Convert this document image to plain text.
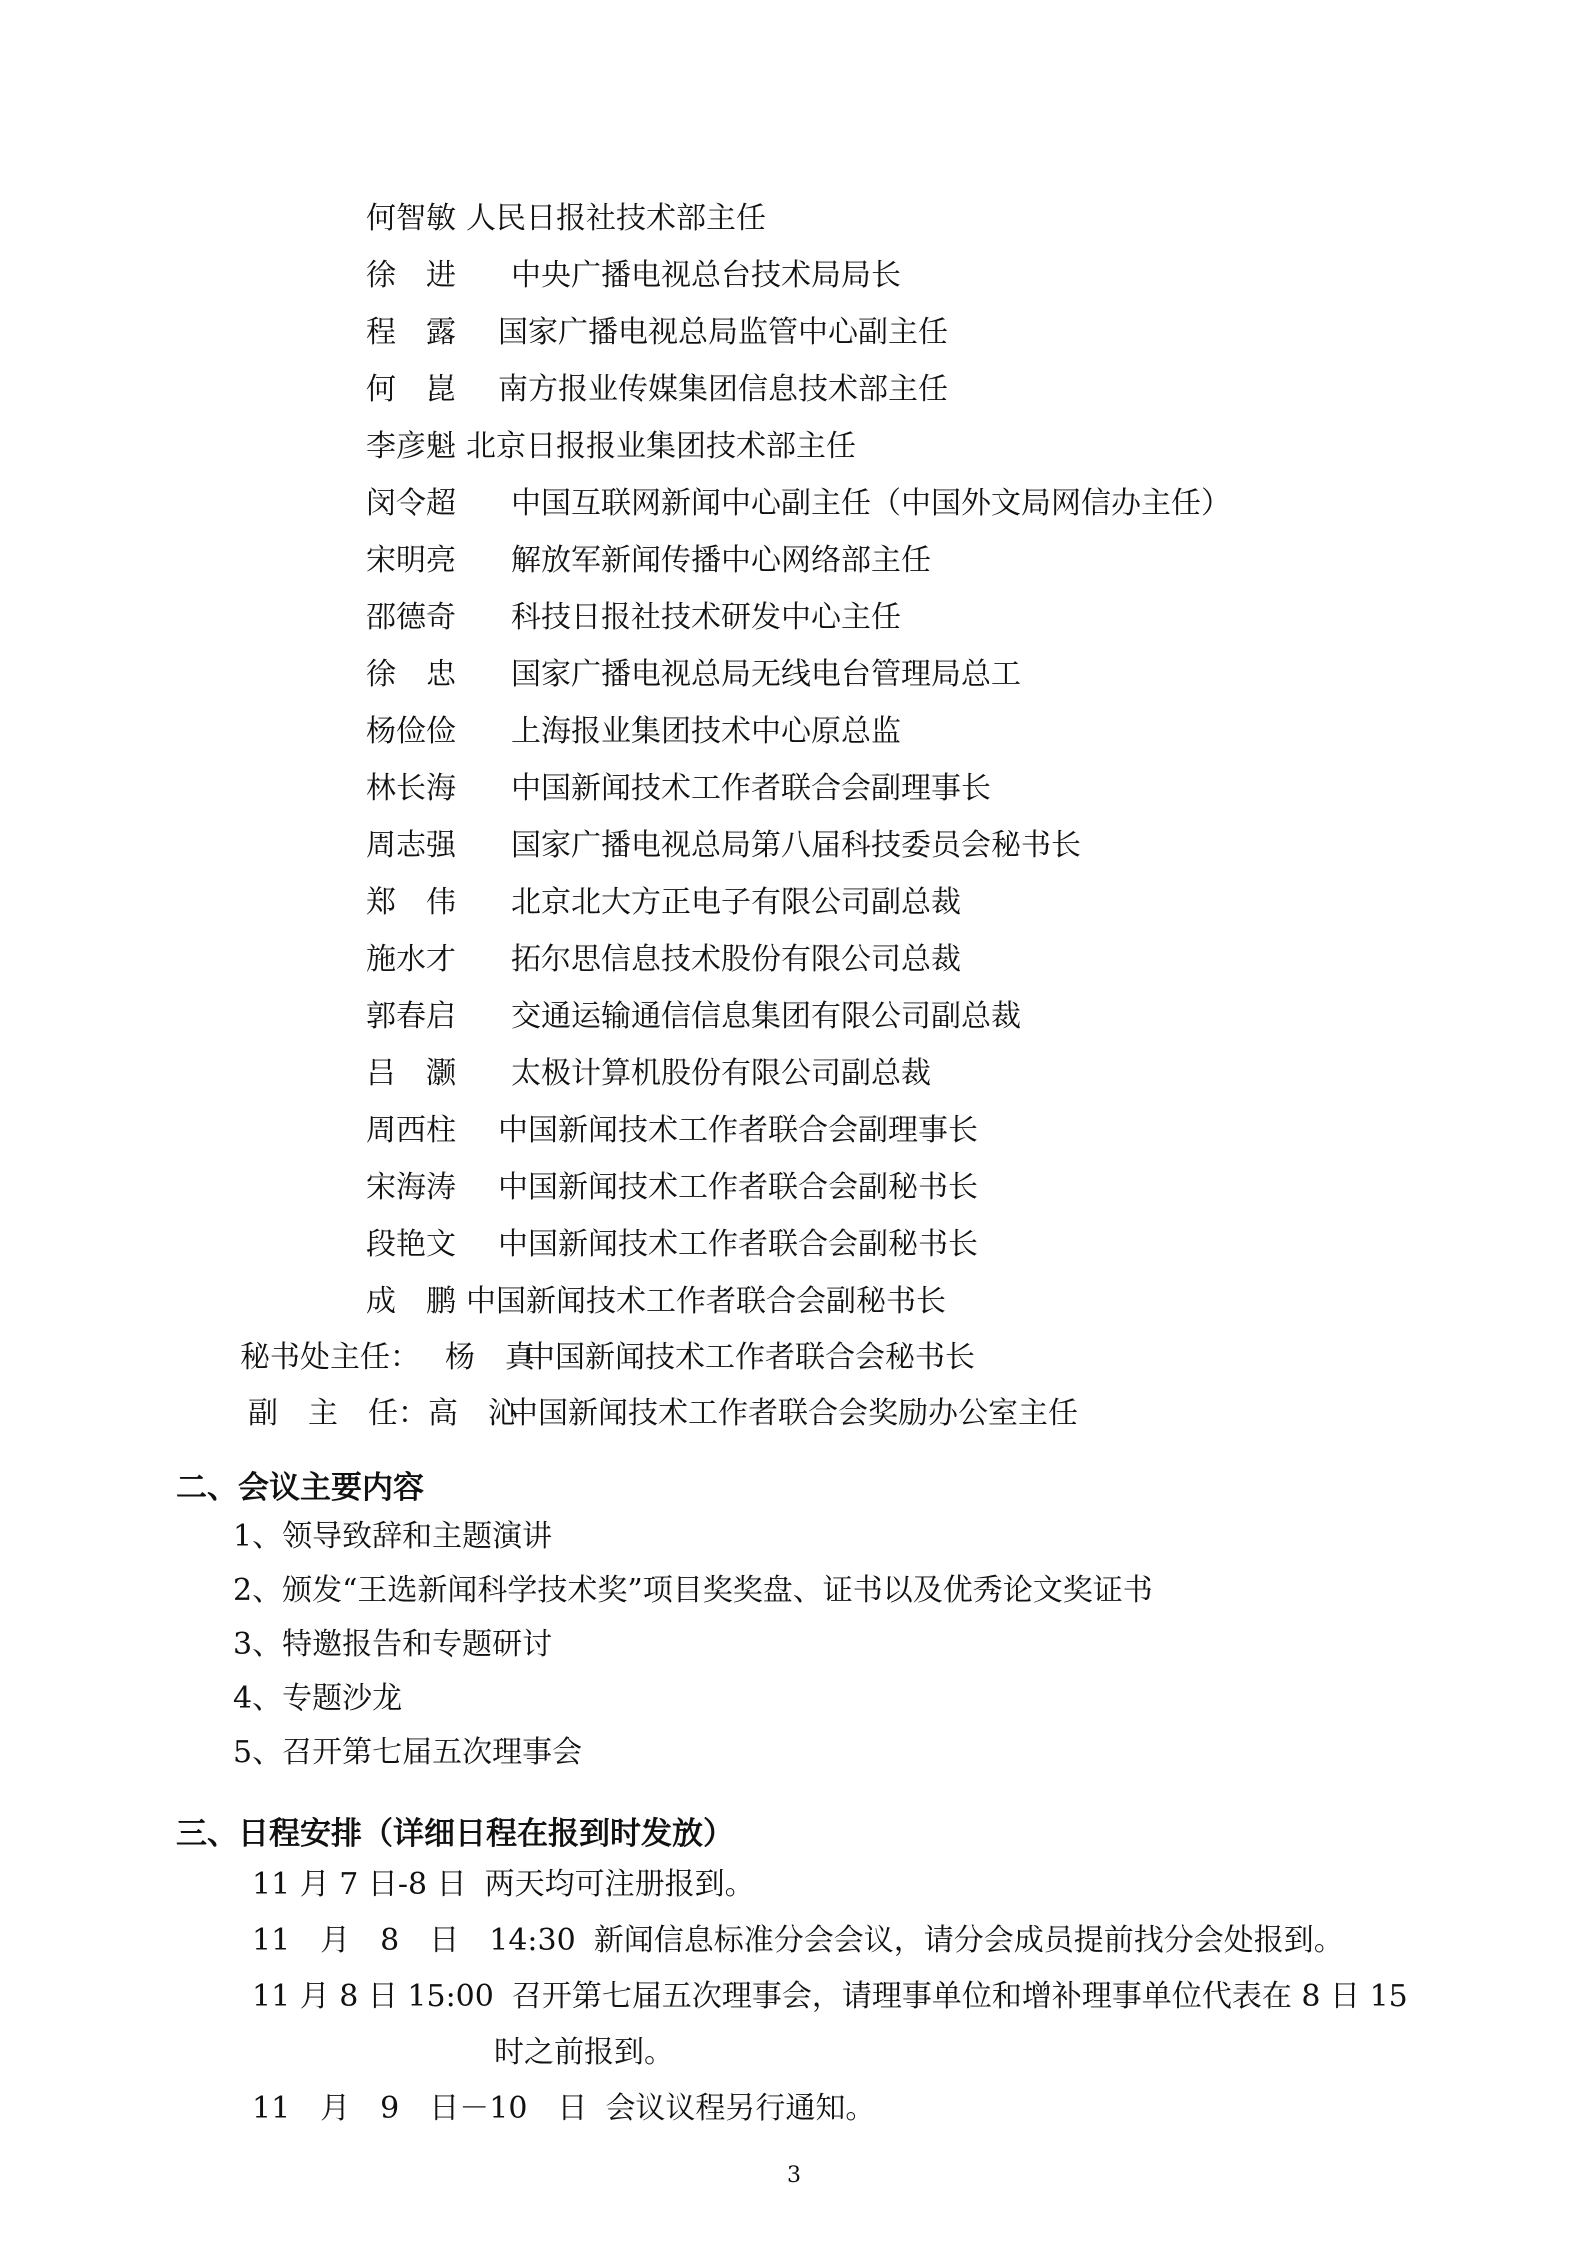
何智敏 人民日报社技术部主任
徐　进 中央广播电视总台技术局局长
程　露 国家广播电视总局监管中心副主任
何　崑 南方报业传媒集团信息技术部主任
李彦魁 北京日报报业集团技术部主任
闵令超 中国互联网新闻中心副主任（中国外文局网信办主任）
宋明亮 解放军新闻传播中心网络部主任
邵德奇 科技日报社技术研发中心主任
徐　忠 国家广播电视总局无线电台管理局总工
杨俭俭 上海报业集团技术中心原总监
林长海 中国新闻技术工作者联合会副理事长
周志强 国家广播电视总局第八届科技委员会秘书长
郑　伟 北京北大方正电子有限公司副总裁
施水才 拓尔思信息技术股份有限公司总裁
郭春启 交通运输通信信息集团有限公司副总裁
吕　灏 太极计算机股份有限公司副总裁
周西柱 中国新闻技术工作者联合会副理事长
宋海涛 中国新闻技术工作者联合会副秘书长
段艳文 中国新闻技术工作者联合会副秘书长
成　鹏 中国新闻技术工作者联合会副秘书长
秘书处主任： 杨　真中国新闻技术工作者联合会秘书长
副　主　任：高　沁中国新闻技术工作者联合会奖励办公室主任
二、会议主要内容
1、领导致辞和主题演讲
2、颁发“王选新闻科学技术奖”项目奖奖盘、证书以及优秀论文奖证书
3、特邀报告和专题研讨
4、专题沙龙
5、召开第七届五次理事会
三、日程安排（详细日程在报到时发放）
11 月 7 日-8 日 两天均可注册报到。
11　月　8　日　14:30 新闻信息标准分会会议，请分会成员提前找分会处报到。
11 月 8 日 15:00 召开第七届五次理事会，请理事单位和增补理事单位代表在 8 日 15
时之前报到。
11　月　9　日－10　日 会议议程另行通知。
3
